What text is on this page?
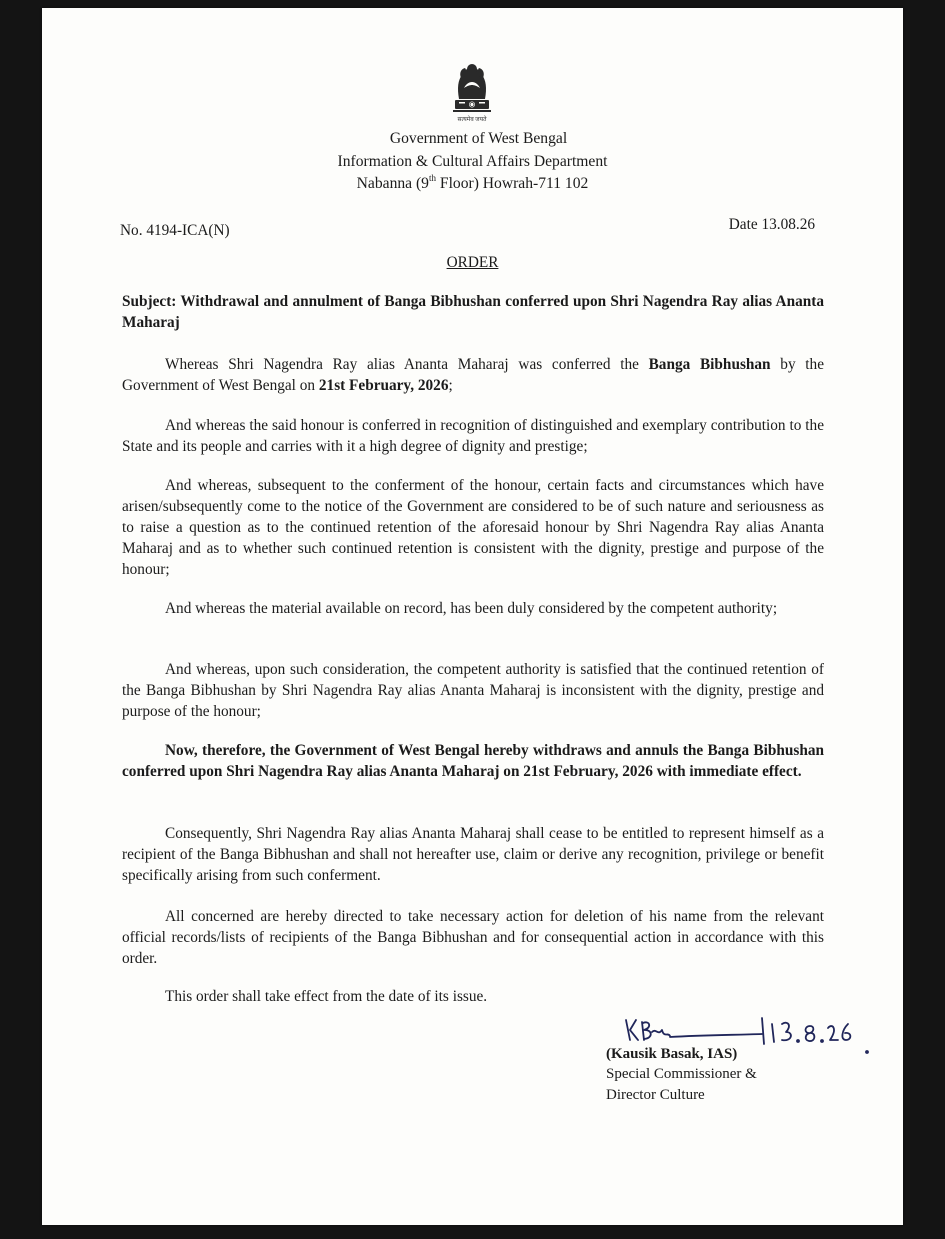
सत्यमेव जयते
Government of West Bengal
Information & Cultural Affairs Department
Nabanna (9th Floor) Howrah-711 102
No. 4194-ICA(N)	Date 13.08.26
ORDER
Subject: Withdrawal and annulment of Banga Bibhushan conferred upon Shri Nagendra Ray alias Ananta Maharaj
Whereas Shri Nagendra Ray alias Ananta Maharaj was conferred the Banga Bibhushan by the Government of West Bengal on 21st February, 2026;
And whereas the said honour is conferred in recognition of distinguished and exemplary contribution to the State and its people and carries with it a high degree of dignity and prestige;
And whereas, subsequent to the conferment of the honour, certain facts and circumstances which have arisen/subsequently come to the notice of the Government are considered to be of such nature and seriousness as to raise a question as to the continued retention of the aforesaid honour by Shri Nagendra Ray alias Ananta Maharaj and as to whether such continued retention is consistent with the dignity, prestige and purpose of the honour;
And whereas the material available on record, has been duly considered by the competent authority;
And whereas, upon such consideration, the competent authority is satisfied that the continued retention of the Banga Bibhushan by Shri Nagendra Ray alias Ananta Maharaj is inconsistent with the dignity, prestige and purpose of the honour;
Now, therefore, the Government of West Bengal hereby withdraws and annuls the Banga Bibhushan conferred upon Shri Nagendra Ray alias Ananta Maharaj on 21st February, 2026 with immediate effect.
Consequently, Shri Nagendra Ray alias Ananta Maharaj shall cease to be entitled to represent himself as a recipient of the Banga Bibhushan and shall not hereafter use, claim or derive any recognition, privilege or benefit specifically arising from such conferment.
All concerned are hereby directed to take necessary action for deletion of his name from the relevant official records/lists of recipients of the Banga Bibhushan and for consequential action in accordance with this order.
This order shall take effect from the date of its issue.
(Kausik Basak, IAS)
Special Commissioner &
Director Culture
